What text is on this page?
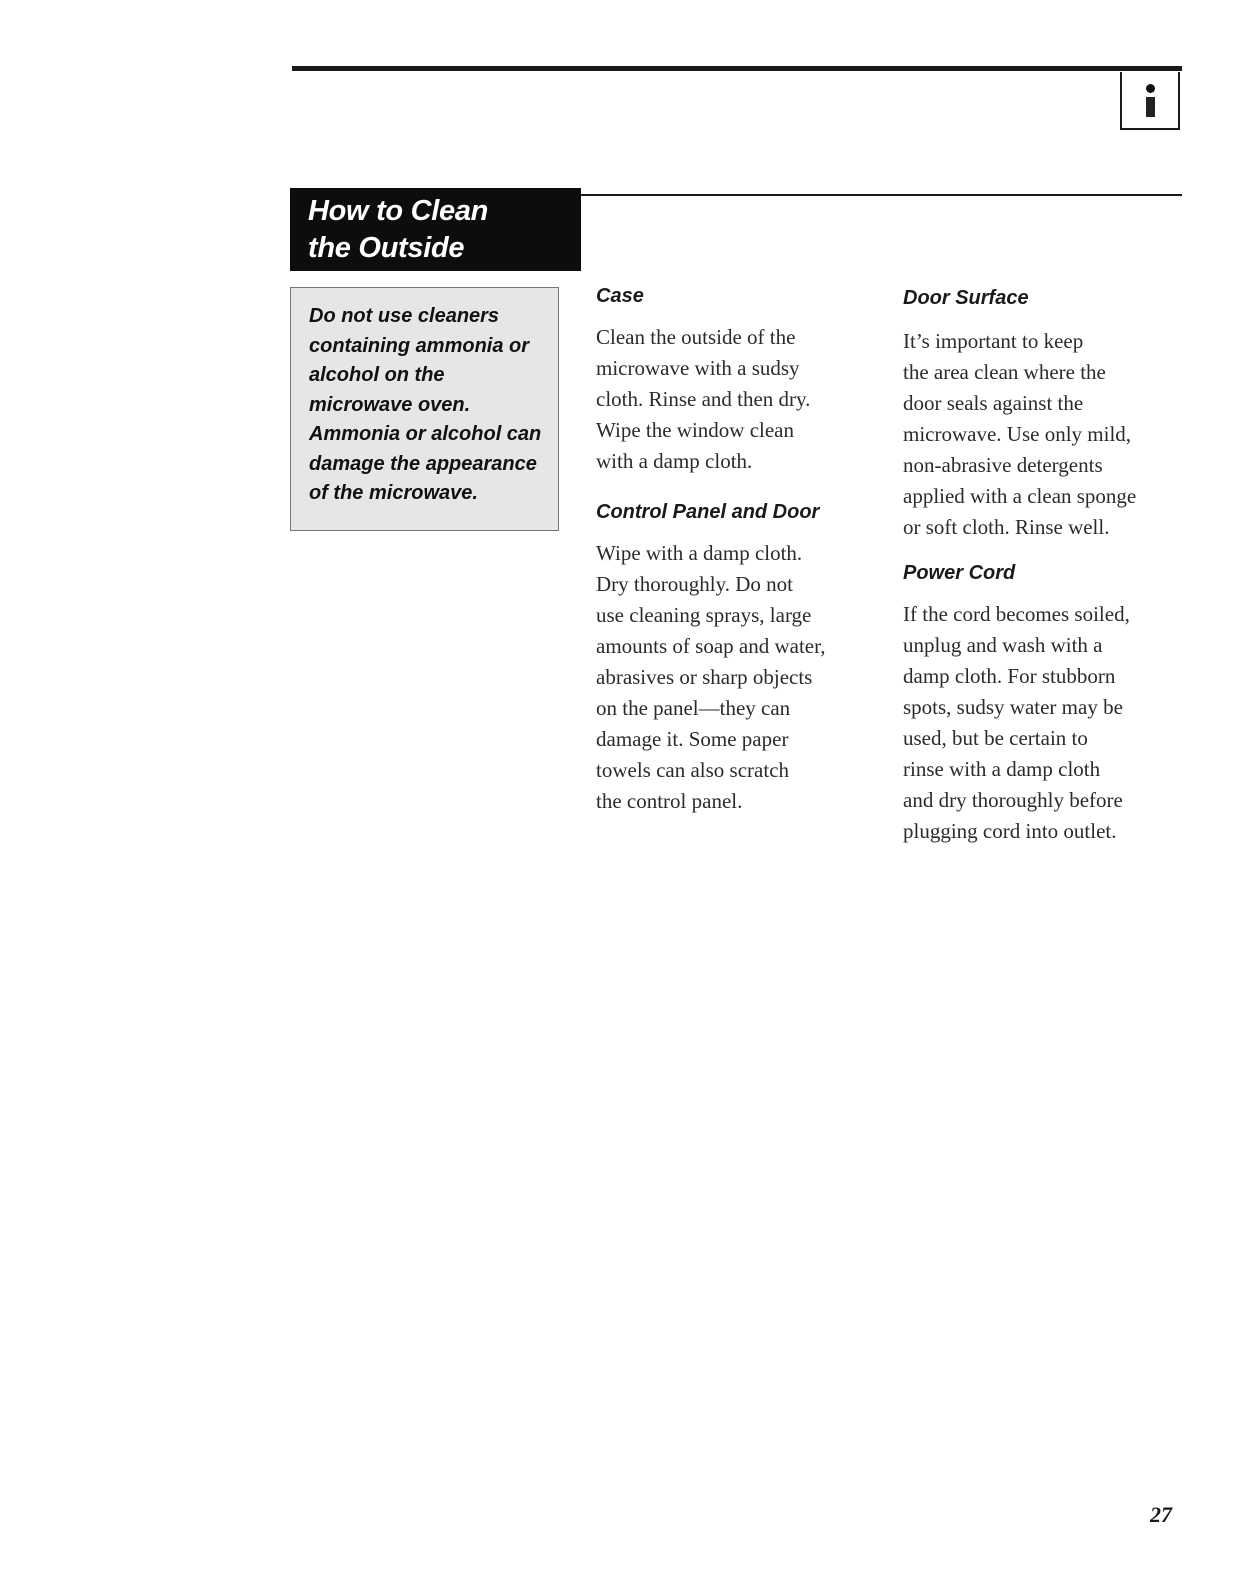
How to Clean
the Outside
Do not use cleaners
containing ammonia or
alcohol on the
microwave oven.
Ammonia or alcohol can
damage the appearance
of the microwave.
Case
Clean the outside of the
microwave with a sudsy
cloth. Rinse and then dry.
Wipe the window clean
with a damp cloth.
Control Panel and Door
Wipe with a damp cloth.
Dry thoroughly. Do not
use cleaning sprays, large
amounts of soap and water,
abrasives or sharp objects
on the panel—they can
damage it. Some paper
towels can also scratch
the control panel.
Door Surface
It’s important to keep
the area clean where the
door seals against the
microwave. Use only mild,
non-abrasive detergents
applied with a clean sponge
or soft cloth. Rinse well.
Power Cord
If the cord becomes soiled,
unplug and wash with a
damp cloth. For stubborn
spots, sudsy water may be
used, but be certain to
rinse with a damp cloth
and dry thoroughly before
plugging cord into outlet.
27
